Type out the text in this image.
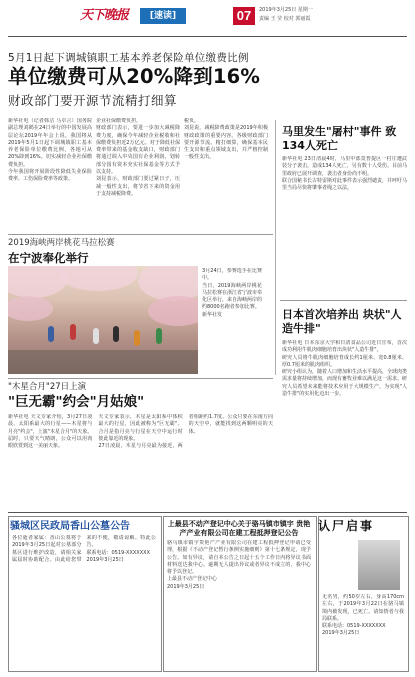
天下晚报	[速读]	07	2019年3月25日 星期一
责编 王 莹 校对 郭丽霞
5月1日起下调城镇职工基本养老保险单位缴费比例
单位缴费可从20%降到16%
财政部门要开源节流精打细算
新华社电（记者韩洁 马卓言）国务院副总理刘鹤在24日举行的中国发展高层论坛2019年年会上说，我国将从2019年5月1日起下调城镇职工基本养老保险单位缴费比例，各地可从20%降到16%。切实减轻企业社保缴费负担。
今年我国将开展阶段性降低失业保险费率、工伤保险费率等政策。
企业社保缴费负担。
财政部门表示，要进一步加大减税降费力度，确保今年减轻企业税收和社保缴费负担近2万亿元。对于降低社保费率带来的基金收支缺口，财政部门将通过调入中央国有企业利润、划转部分国有资本充实社保基金等方式予以支持。
刘昆表示，财政部门要过紧日子，压减一般性支出，将节省下来的资金用于支持减税降费。
税负。
刘昆说，减税降费政策是2019年积极财政政策的重要内容。各级财政部门要开源节流、精打细算，确保基本民生支出和重点领域支出，并严格控制一般性支出。
马里发生"屠村"事件 致134人死亡
新华社电 23日清晨4时，马里中部莫普提区一村庄遭武装分子袭击，造成134人死亡，另有数十人受伤。目前马里政府已展开调查，袭击者身份尚不明。
联合国秘书长古特雷斯对此事件表示强烈谴责，并呼吁马里当局尽快将肇事者绳之以法。
日本首次培养出 块状"人造牛排"
新华社电 日本东京大学和日清食品公司近日宣布，首次成功利用牛肌肉细胞培育出块状"人造牛排"。
研究人员将牛肌肉细胞培育成长约1厘米、宽0.8厘米、厚0.7厘米的肌肉组织。
研究小组认为，随着人口增加和生活水平提高，全球肉类需求量将持续增加，而现有畜牧业难以满足这一需求。研究人员希望未来能将技术应用于大规模生产，为实现"人造牛排"的实用化迈出一步。
2019海峡两岸桃花马拉松赛
在宁波奉化举行
3月24日，参赛选手在比赛中。
当日，2019海峡两岸桃花马拉松赛在浙江省宁波市奉化区举行，来自海峡两岸的约8000名跑者参加比赛。
新华社发
"木星合月"27日上演
"巨无霸"约会"月姑娘"
新华社电 天文专家介绍，3月27日凌晨，太阳系最大的行星——木星将与月亮"约会"，上演"木星合月"的天象。届时，只要天气晴朗，公众可以用肉眼欣赏到这一美丽天象。
天文专家表示，木星是太阳系中体积最大的行星，因此被称为"巨无霸"。合月是指月亮与行星在天空中运行时彼此靠近的现象。
27日凌晨，木星与月亮最为接近，两者相距约1.7度。公众只要在东南方向的天空中，就能找到这两颗明亮的天体。
骚城区民政局香山公墓公告
各位逝者家属：香山公墓将于2019年3月25日起对公墓部分墓区进行维护改造，请相关家属届时协助配合。由此给您带来的不便，敬请谅解。特此公告。
联系电话：0519-XXXXXXX
2019年3月25日
上最县不动产登记中心关于骆马镇市镇宇 贵艳产产业有限公司在建工程抵押登记公告
骆马镇市镇宇贵艳产产业有限公司在建工程抵押登记申请已受理，根据《不动产登记暂行条例实施细则》第十七条规定，现予公告。如有异议，请自本公告之日起十五个工作日内将异议书面材料送达我中心。逾期无人提出异议或者异议不成立的，我中心将予以登记。
上最县不动产登记中心
2019年3月25日
认尸启事
无名男，约50岁左右，身高170cm左右，于2019年3月22日在骆马镇境内被发现，已死亡。请知情者与我局联系。
联系电话：0519-XXXXXXX
2019年3月25日
